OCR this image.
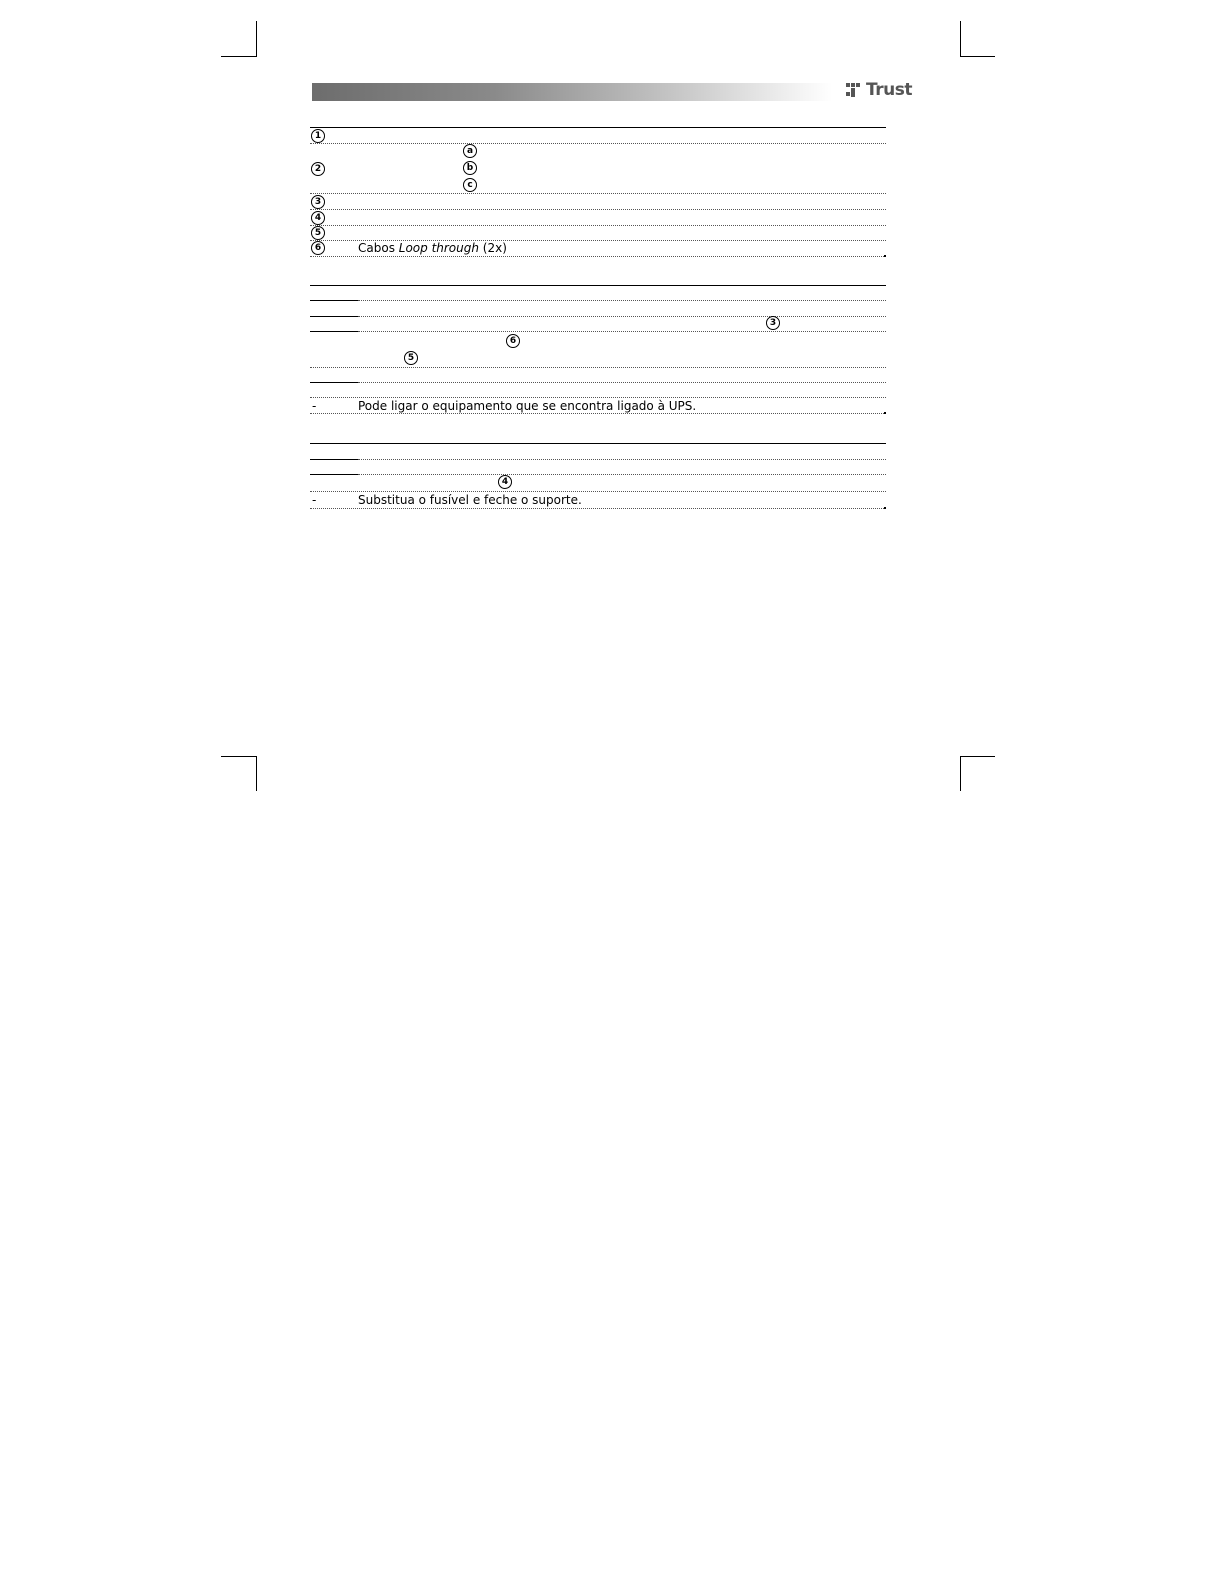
Trust
1
a
2	b
c
3
4
5
6	Cabos Loop through (2x)
3
6
5
-	Pode ligar o equipamento que se encontra ligado à UPS.
4
-	Substitua o fusível e feche o suporte.
